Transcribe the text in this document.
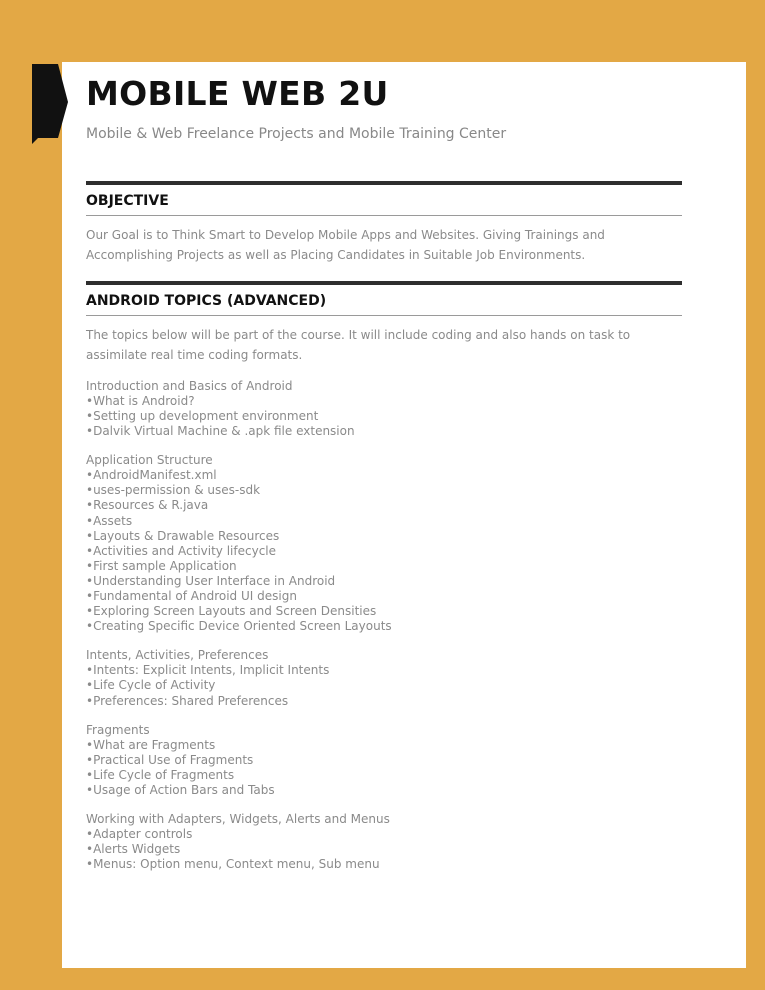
MOBILE WEB 2U

Mobile & Web Freelance Projects and Mobile Training Center

OBJECTIVE

Our Goal is to Think Smart to Develop Mobile Apps and Websites. Giving Trainings and Accomplishing Projects as well as Placing Candidates in Suitable Job Environments.

ANDROID TOPICS (ADVANCED)

The topics below will be part of the course. It will include coding and also hands on task to assimilate real time coding formats.

Introduction and Basics of Android
• What is Android?
• Setting up development environment
• Dalvik Virtual Machine & .apk file extension
Application Structure
• AndroidManifest.xml
• uses-permission & uses-sdk
• Resources & R.java
• Assets
• Layouts & Drawable Resources
• Activities and Activity lifecycle
• First sample Application
• Understanding User Interface in Android
• Fundamental of Android UI design
• Exploring Screen Layouts and Screen Densities
• Creating Specific Device Oriented Screen Layouts
Intents, Activities, Preferences
• Intents: Explicit Intents, Implicit Intents
• Life Cycle of Activity
• Preferences: Shared Preferences
Fragments
• What are Fragments
• Practical Use of Fragments
• Life Cycle of Fragments
• Usage of Action Bars and Tabs
Working with Adapters, Widgets, Alerts and Menus
• Adapter controls
• Alerts Widgets
• Menus: Option menu, Context menu, Sub menu
